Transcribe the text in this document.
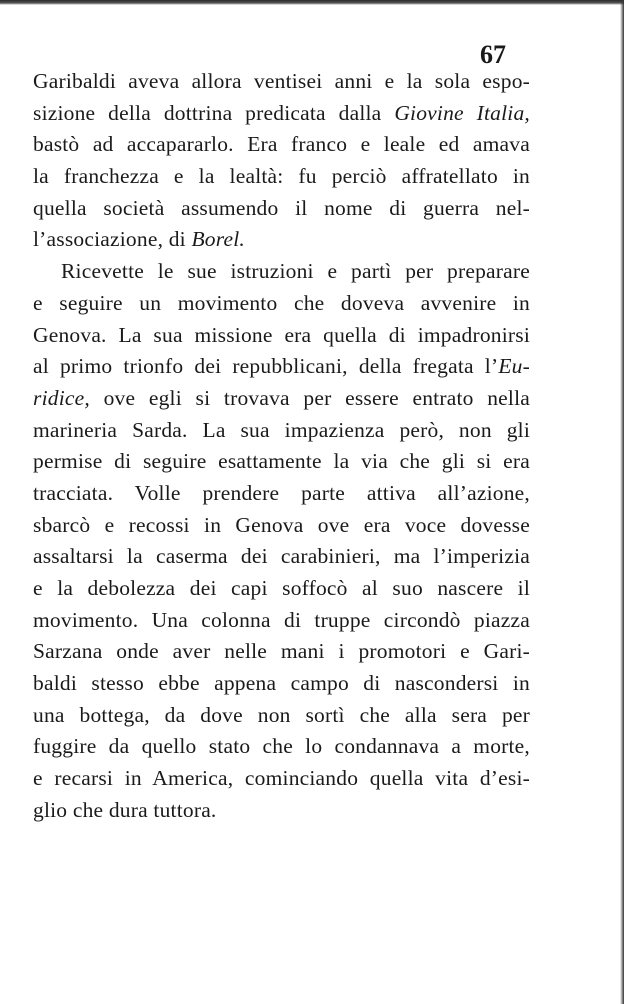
67
Garibaldi aveva allora ventisei anni e la sola espo-
sizione della dottrina predicata dalla Giovine Italia,
bastò ad accapararlo. Era franco e leale ed amava
la franchezza e la lealtà: fu perciò affratellato in
quella società assumendo il nome di guerra nel-
l’associazione, di Borel.
Ricevette le sue istruzioni e partì per preparare
e seguire un movimento che doveva avvenire in
Genova. La sua missione era quella di impadronirsi
al primo trionfo dei repubblicani, della fregata l’Eu-
ridice, ove egli si trovava per essere entrato nella
marineria Sarda. La sua impazienza però, non gli
permise di seguire esattamente la via che gli si era
tracciata. Volle prendere parte attiva all’azione,
sbarcò e recossi in Genova ove era voce dovesse
assaltarsi la caserma dei carabinieri, ma l’imperizia
e la debolezza dei capi soffocò al suo nascere il
movimento. Una colonna di truppe circondò piazza
Sarzana onde aver nelle mani i promotori e Gari-
baldi stesso ebbe appena campo di nascondersi in
una bottega, da dove non sortì che alla sera per
fuggire da quello stato che lo condannava a morte,
e recarsi in America, cominciando quella vita d’esi-
glio che dura tuttora.
